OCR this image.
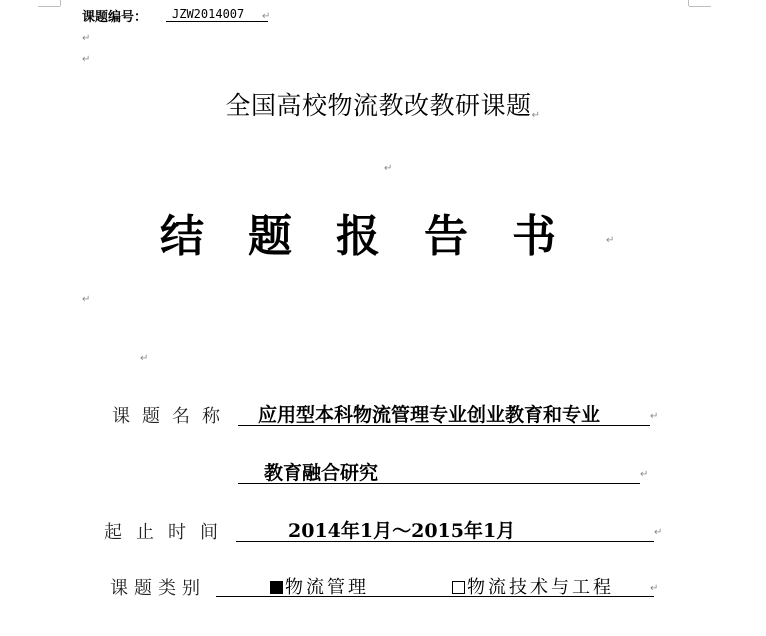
课题编号：	JZW2014007	↵
↵
↵
全国高校物流教改教研课题↵
↵
结题报告书 ↵
↵
↵
课题名称	应用型本科物流管理专业创业教育和专业	↵
教育融合研究	↵
起止时间	2014年1月～2015年1月	↵
课题类别	物流管理	物流技术与工程	↵
